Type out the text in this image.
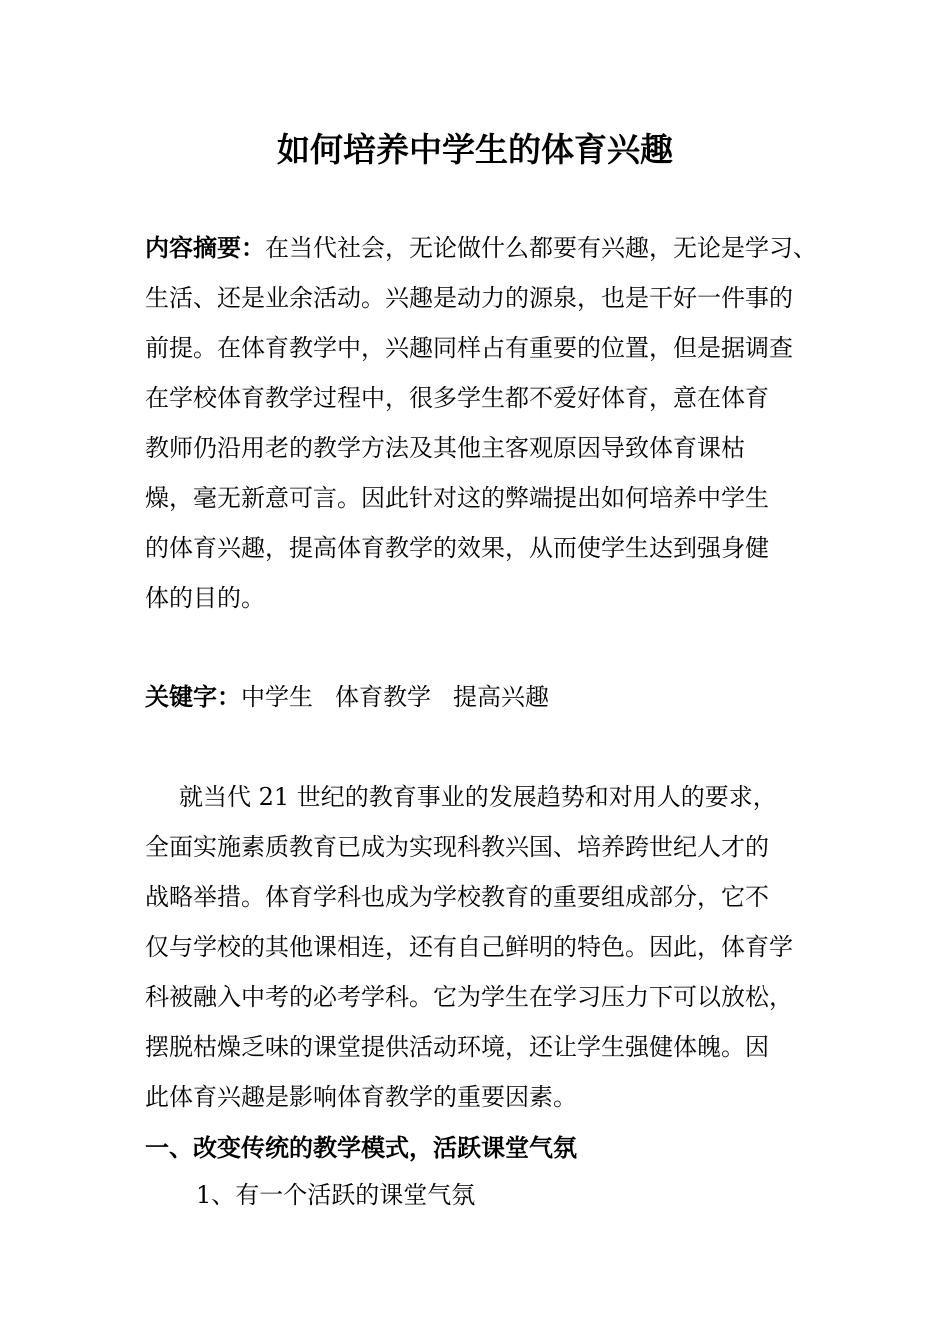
如何培养中学生的体育兴趣
内容摘要：在当代社会，无论做什么都要有兴趣，无论是学习、
生活、还是业余活动。兴趣是动力的源泉，也是干好一件事的
前提。在体育教学中，兴趣同样占有重要的位置，但是据调查
在学校体育教学过程中，很多学生都不爱好体育，意在体育
教师仍沿用老的教学方法及其他主客观原因导致体育课枯
燥，毫无新意可言。因此针对这的弊端提出如何培养中学生
的体育兴趣，提高体育教学的效果，从而使学生达到强身健
体的目的。
关键字：中学生 体育教学 提高兴趣
就当代 21 世纪的教育事业的发展趋势和对用人的要求，
全面实施素质教育已成为实现科教兴国、培养跨世纪人才的
战略举措。体育学科也成为学校教育的重要组成部分，它不
仅与学校的其他课相连，还有自己鲜明的特色。因此，体育学
科被融入中考的必考学科。它为学生在学习压力下可以放松，
摆脱枯燥乏味的课堂提供活动环境，还让学生强健体魄。因
此体育兴趣是影响体育教学的重要因素。
一、改变传统的教学模式，活跃课堂气氛
1、有一个活跃的课堂气氛
